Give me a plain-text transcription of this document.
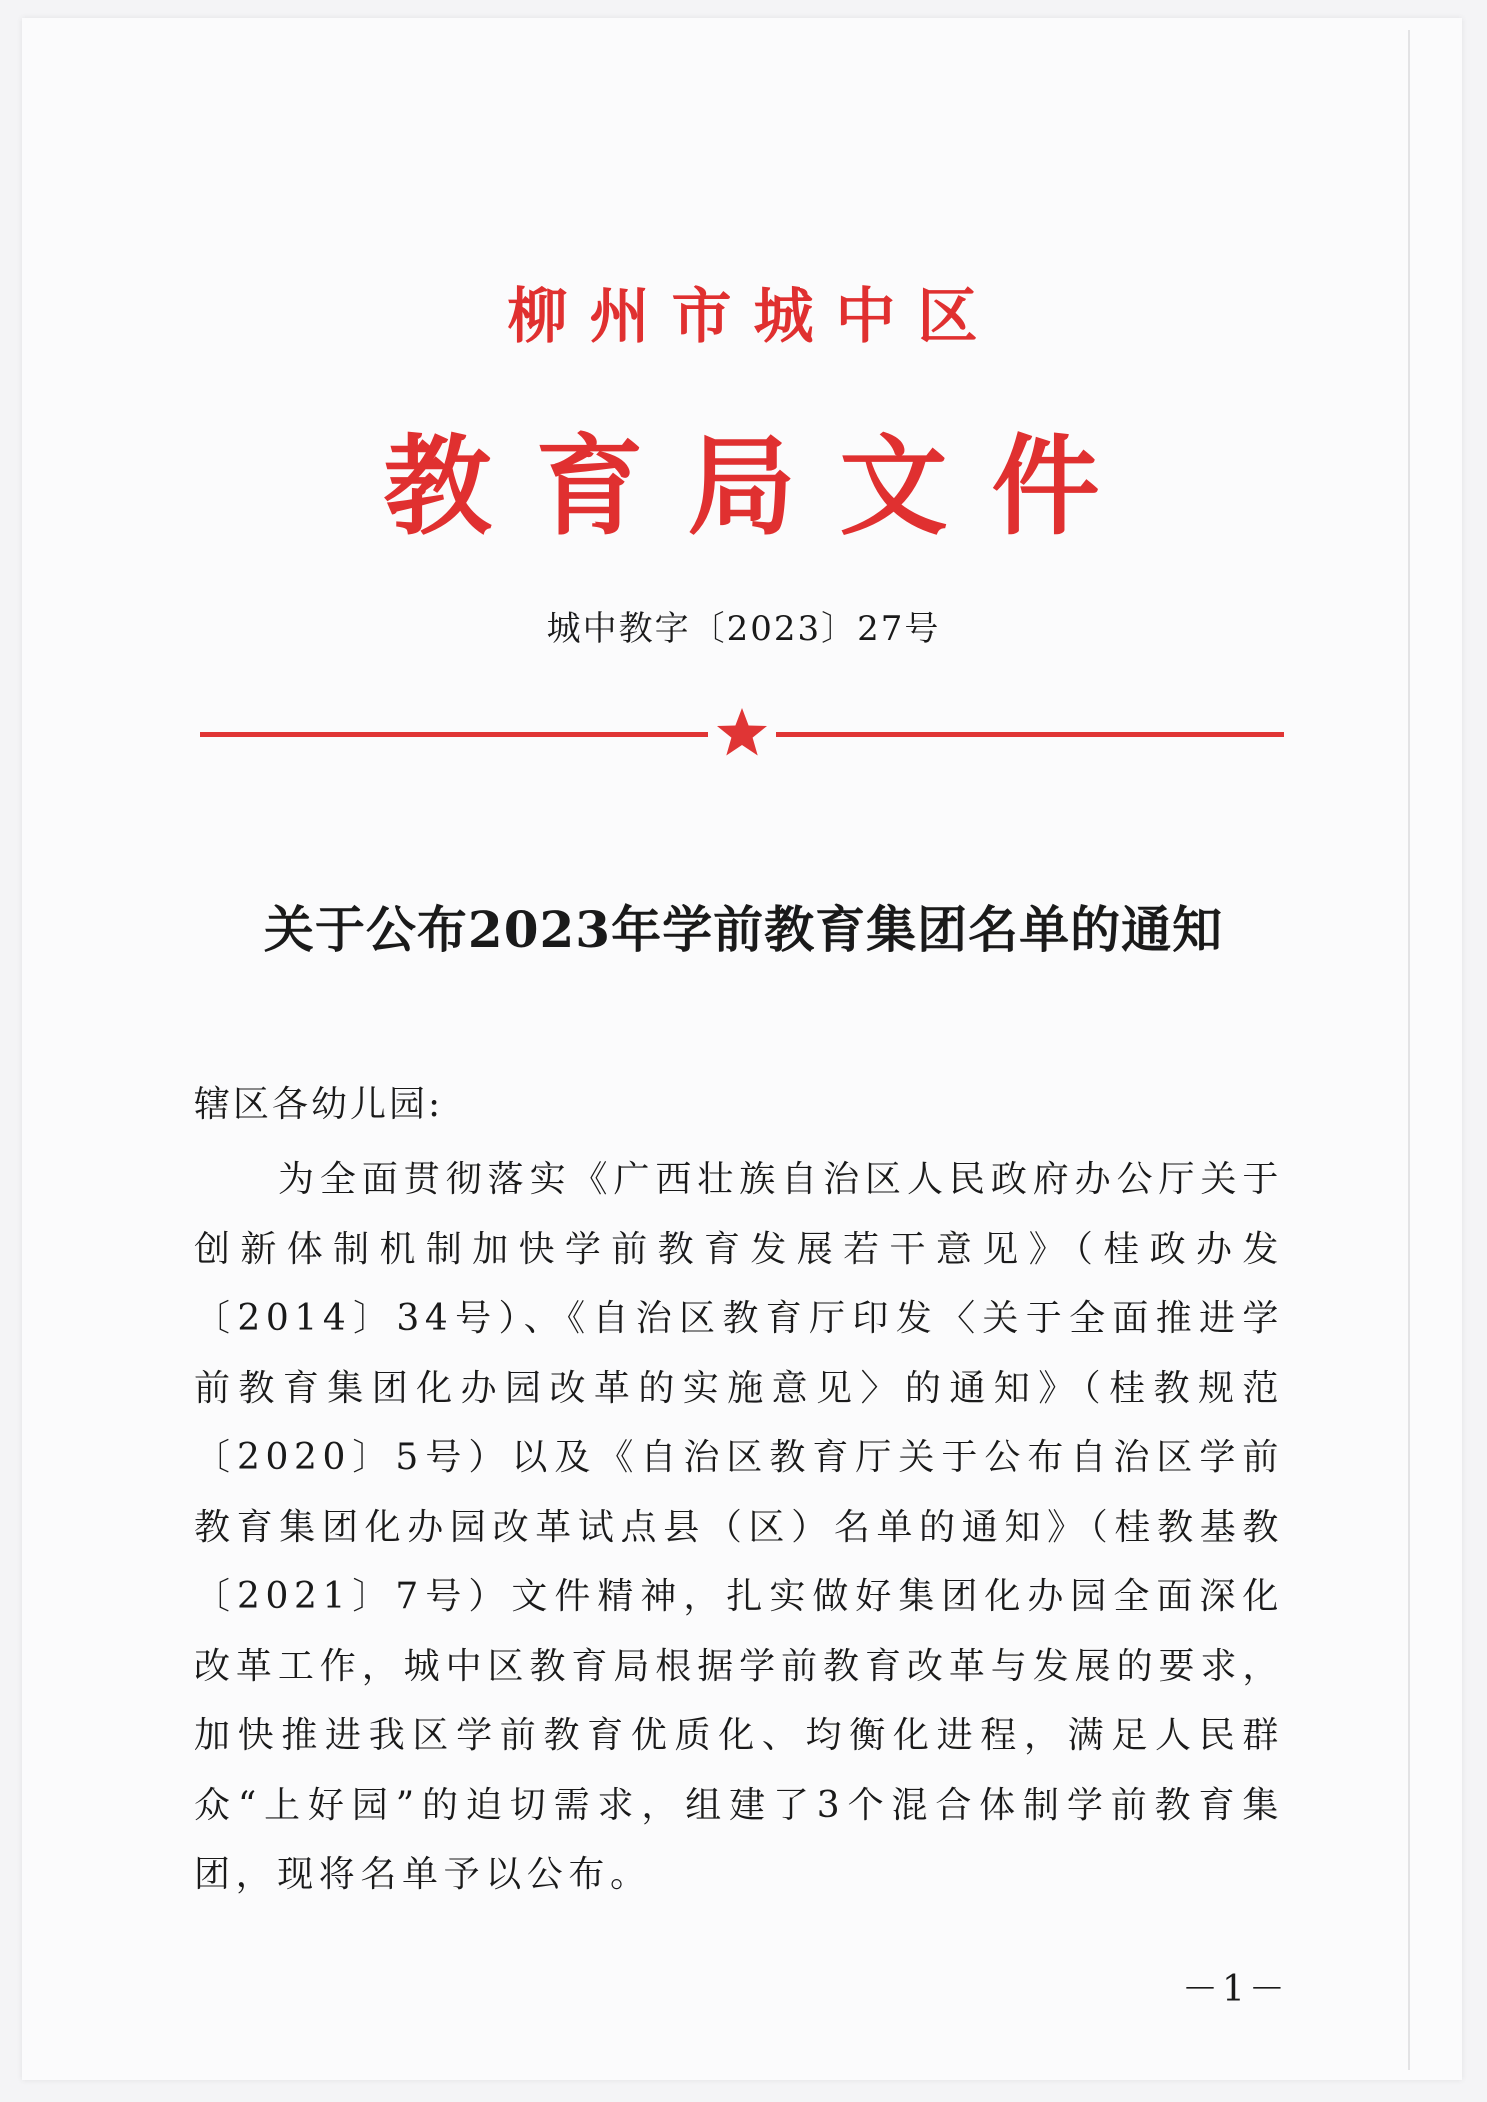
柳州市城中区
教育局文件
城中教字〔2023〕27号
关于公布2023年学前教育集团名单的通知
辖区各幼儿园:
为全面贯彻落实《广西壮族自治区人民政府办公厅关于创新体制机制加快学前教育发展若干意见》（桂政办发〔2014〕34号）、《自治区教育厅印发〈关于全面推进学前教育集团化办园改革的实施意见〉的通知》（桂教规范〔2020〕5号）以及《自治区教育厅关于公布自治区学前教育集团化办园改革试点县（区）名单的通知》（桂教基教〔2021〕7号）文件精神，扎实做好集团化办园全面深化改革工作，城中区教育局根据学前教育改革与发展的要求，加快推进我区学前教育优质化、均衡化进程，满足人民群众“上好园”的迫切需求，组建了3个混合体制学前教育集团，现将名单予以公布。
－1－
